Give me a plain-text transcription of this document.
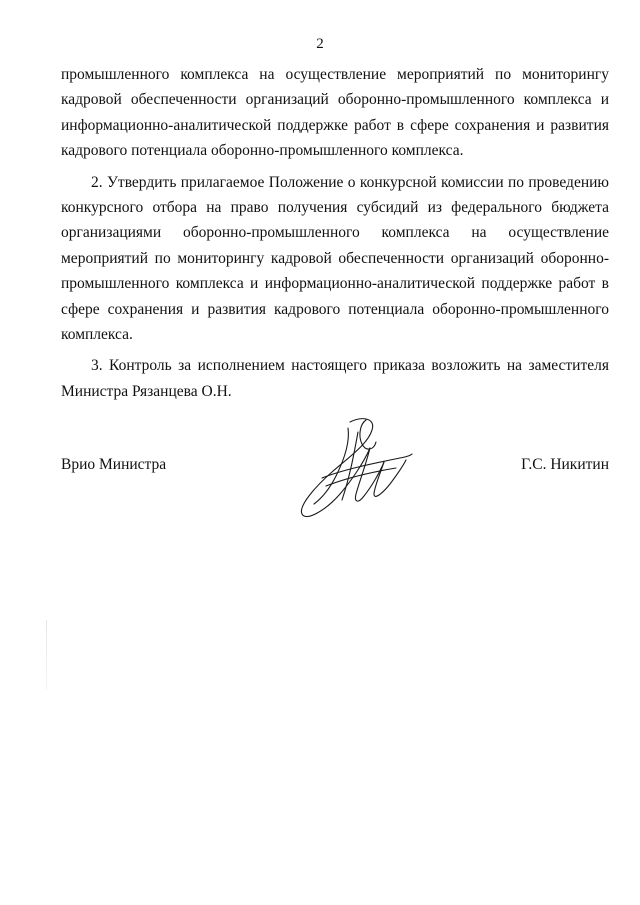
2

промышленного комплекса на осуществление мероприятий по мониторингу кадровой обеспеченности организаций оборонно-промышленного комплекса и информационно-аналитической поддержке работ в сфере сохранения и развития кадрового потенциала оборонно-промышленного комплекса.

2. Утвердить прилагаемое Положение о конкурсной комиссии по проведению конкурсного отбора на право получения субсидий из федерального бюджета организациями оборонно-промышленного комплекса на осуществление мероприятий по мониторингу кадровой обеспеченности организаций оборонно-промышленного комплекса и информационно-аналитической поддержке работ в сфере сохранения и развития кадрового потенциала оборонно-промышленного комплекса.

3. Контроль за исполнением настоящего приказа возложить на заместителя Министра Рязанцева О.Н.

Врио Министра	Г.С. Никитин
